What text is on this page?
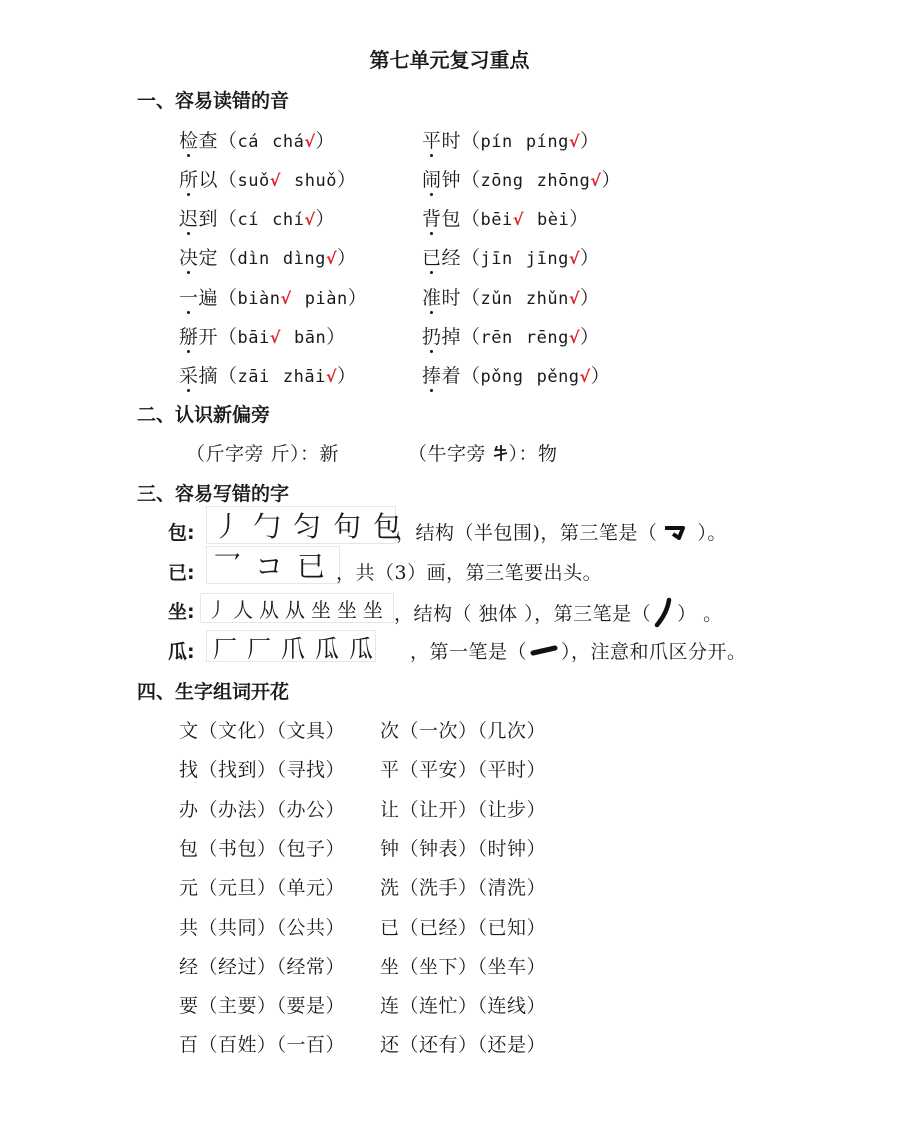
第七单元复习重点
一、容易读错的音
检查（cá chá√）	平时（pín píng√）
所以（suǒ√ shuǒ）	闹钟（zōng zhōng√）
迟到（cí chí√）	背包（bēi√ bèi）
决定（dìn dìng√）	已经（jīn jīng√）
一遍（biàn√ piàn）	准时（zǔn zhǔn√）
掰开（bāi√ bān）	扔掉（rēn rēng√）
采摘（zāi zhāi√）	捧着（pǒng pěng√）
二、认识新偏旁
（斤字旁 斤）：新	（牛字旁 ）：物
三、容易写错的字
包: 丿 勹 匀 句 包
，结构（半包围)，第三笔是（ ）。
已: 乛 コ 已 ，共（3）画，第三笔要出头。
坐: 丿 人 从 从 坐 坐 坐 ，结构（ 独体 ），第三笔是（ ） 。
瓜: 厂 厂 爪 瓜 瓜 ，第一笔是（ ），注意和爪区分开。
四、生字组词开花
文（文化）（文具） 次（一次）（几次）
找（找到）（寻找） 平（平安）（平时）
办（办法）（办公） 让（让开）（让步）
包（书包）（包子） 钟（钟表）（时钟）
元（元旦）（单元） 洗（洗手）（清洗）
共（共同）（公共） 已（已经）（已知）
经（经过）（经常） 坐（坐下）（坐车）
要（主要）（要是） 连（连忙）（连线）
百（百姓）（一百） 还（还有）（还是）
